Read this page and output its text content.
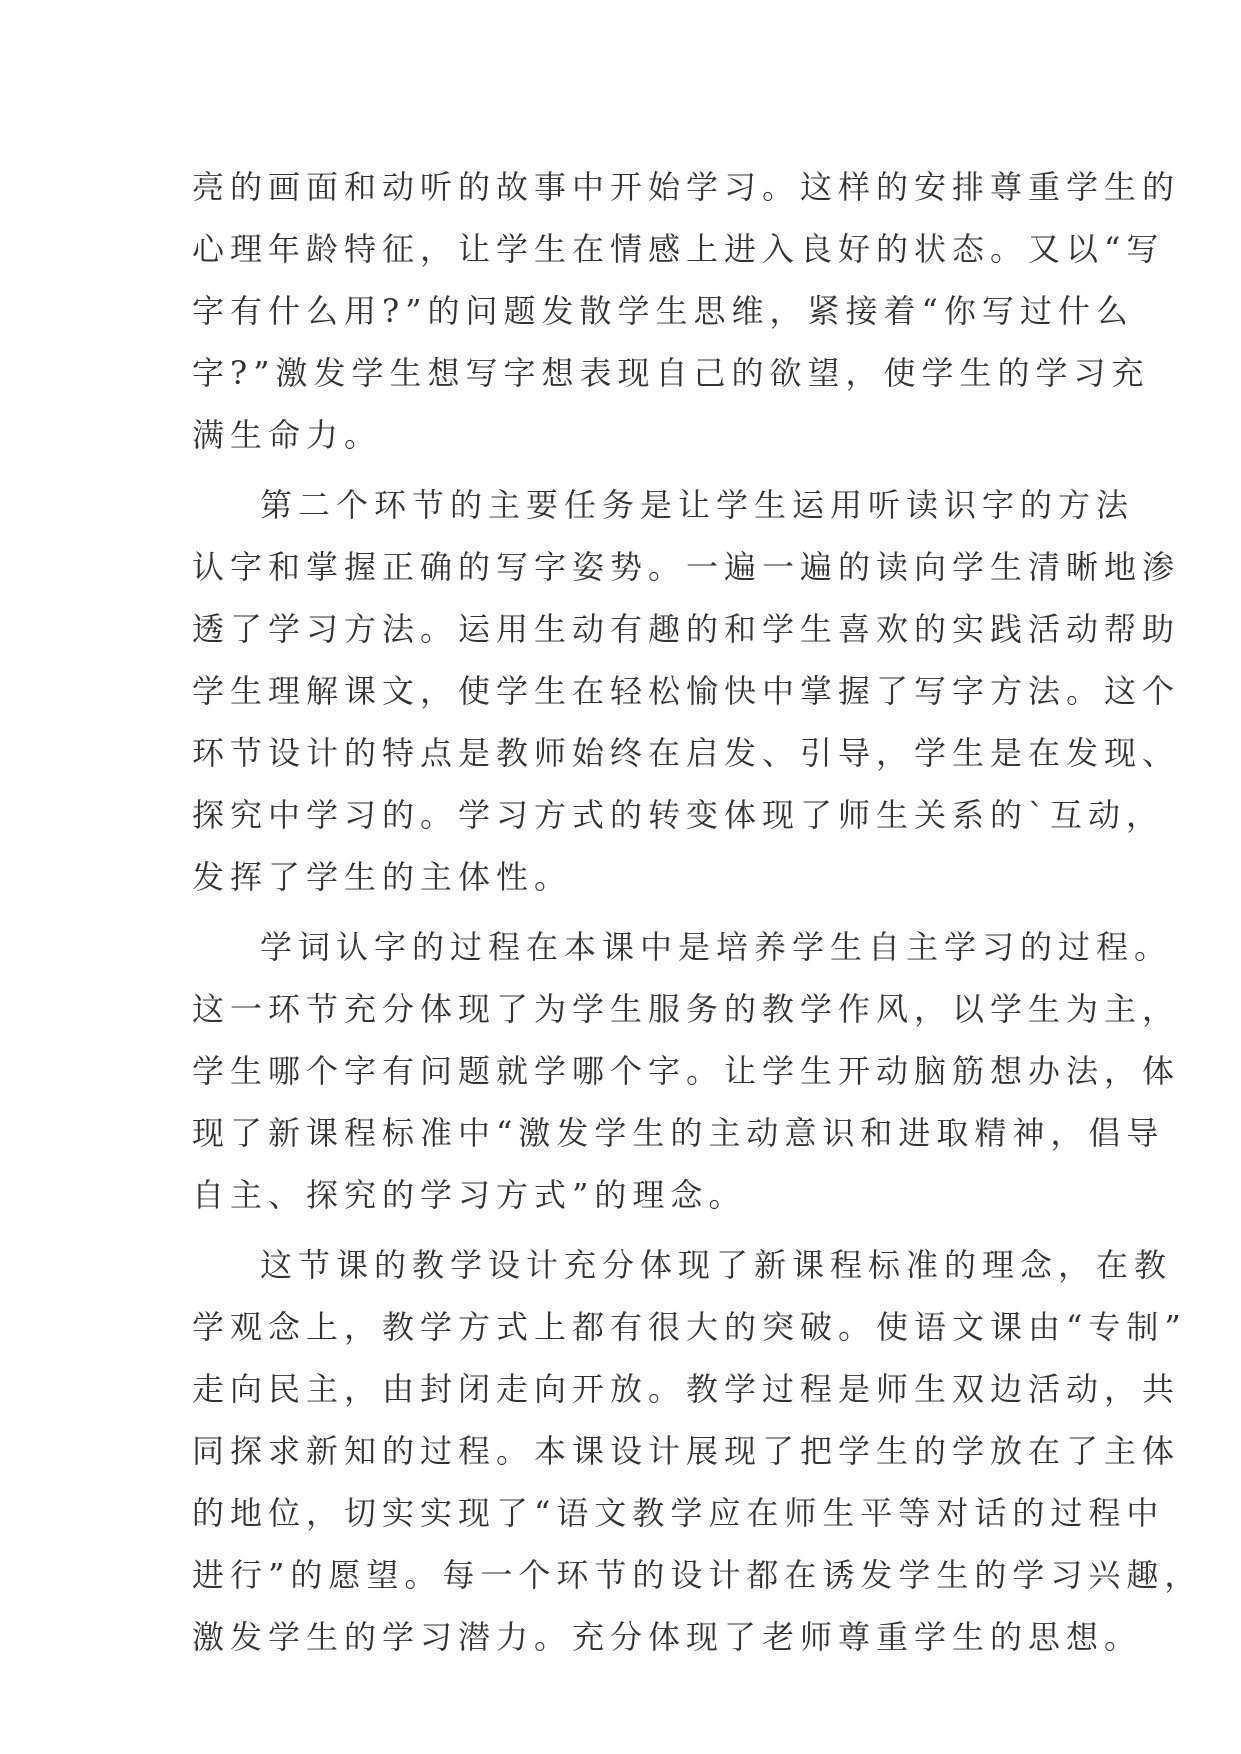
亮的画面和动听的故事中开始学习。这样的安排尊重学生的
心理年龄特征，让学生在情感上进入良好的状态。又以“写
字有什么用?”的问题发散学生思维，紧接着“你写过什么
字?”激发学生想写字想表现自己的欲望，使学生的学习充
满生命力。
第二个环节的主要任务是让学生运用听读识字的方法
认字和掌握正确的写字姿势。一遍一遍的读向学生清晰地渗
透了学习方法。运用生动有趣的和学生喜欢的实践活动帮助
学生理解课文，使学生在轻松愉快中掌握了写字方法。这个
环节设计的特点是教师始终在启发、引导，学生是在发现、
探究中学习的。学习方式的转变体现了师生关系的`互动，
发挥了学生的主体性。
学词认字的过程在本课中是培养学生自主学习的过程。
这一环节充分体现了为学生服务的教学作风，以学生为主，
学生哪个字有问题就学哪个字。让学生开动脑筋想办法，体
现了新课程标准中“激发学生的主动意识和进取精神，倡导
自主、探究的学习方式”的理念。
这节课的教学设计充分体现了新课程标准的理念，在教
学观念上，教学方式上都有很大的突破。使语文课由“专制”
走向民主，由封闭走向开放。教学过程是师生双边活动，共
同探求新知的过程。本课设计展现了把学生的学放在了主体
的地位，切实实现了“语文教学应在师生平等对话的过程中
进行”的愿望。每一个环节的设计都在诱发学生的学习兴趣，
激发学生的学习潜力。充分体现了老师尊重学生的思想。
